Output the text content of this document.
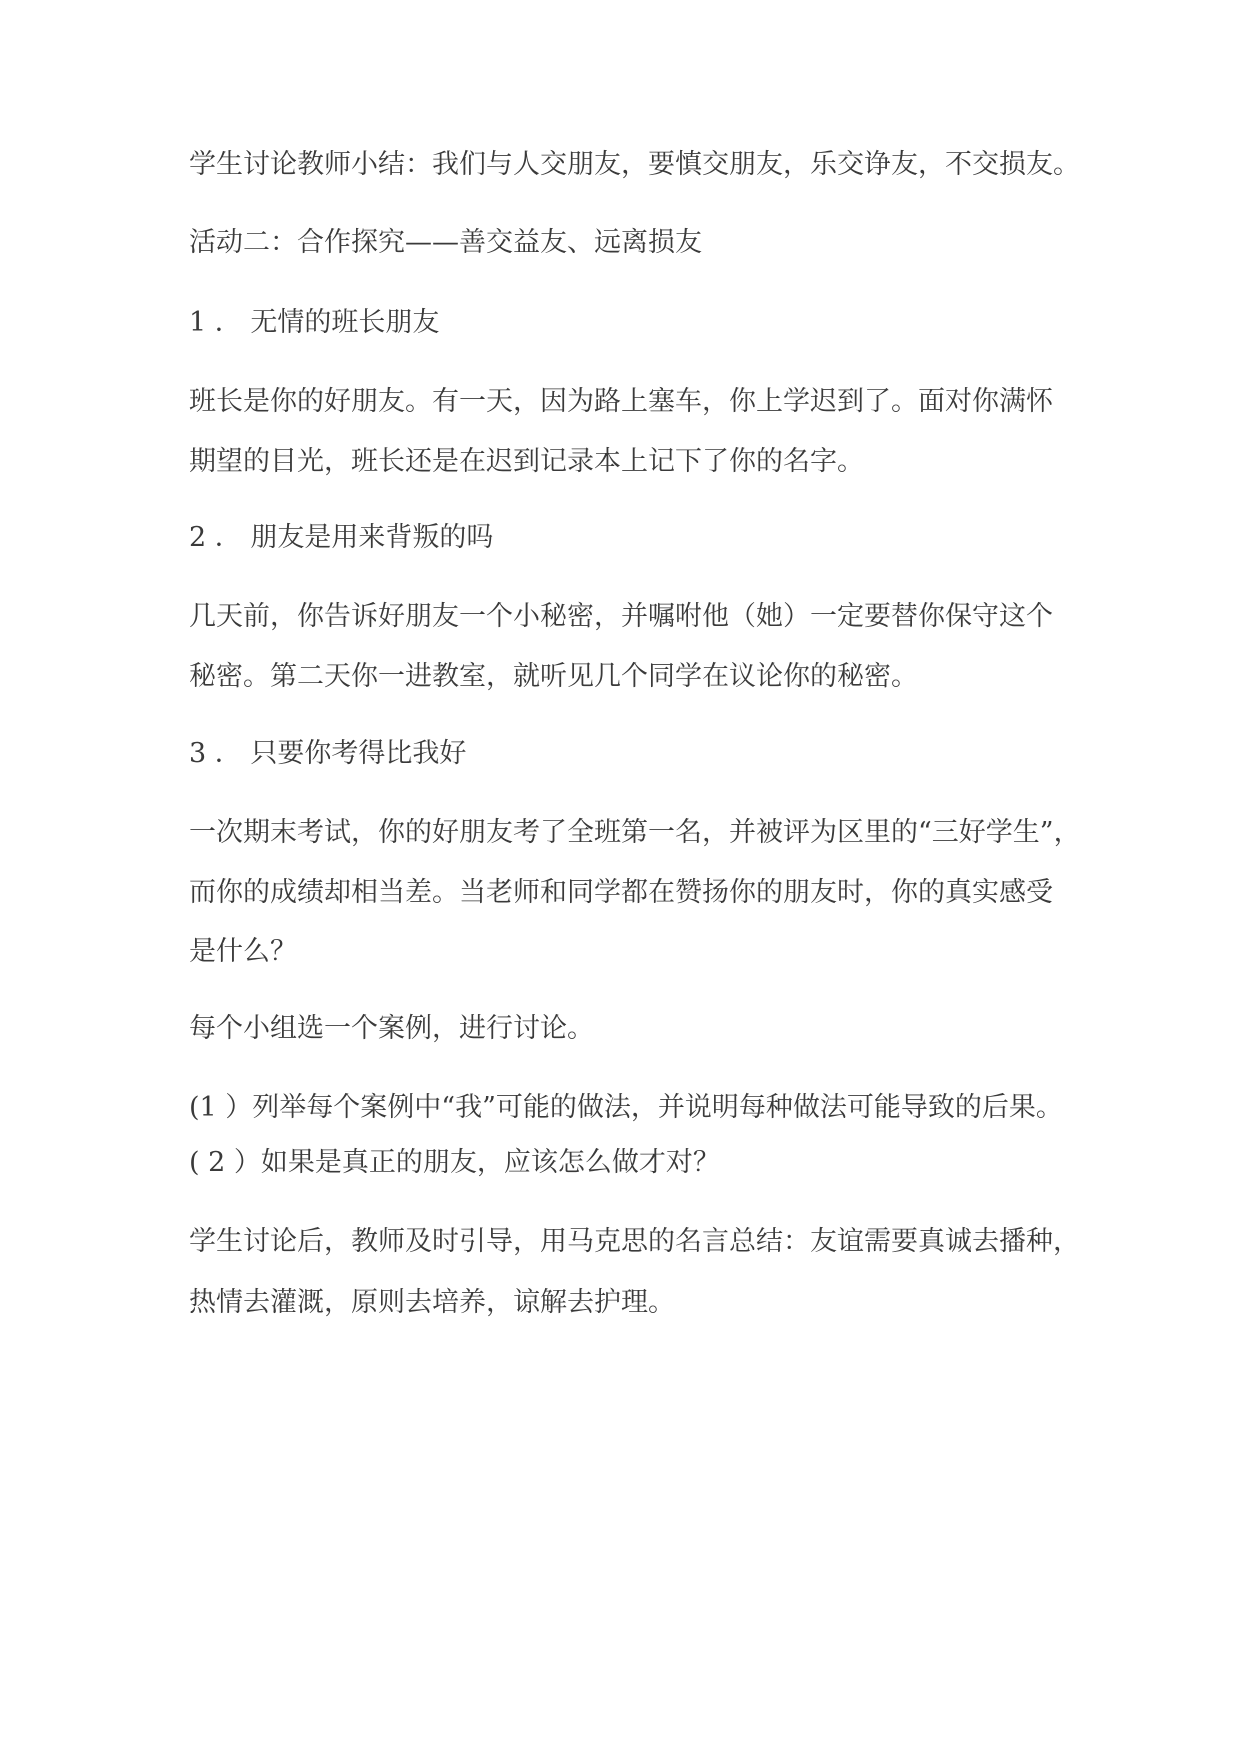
学生讨论教师小结：我们与人交朋友，要慎交朋友，乐交诤友，不交损友。
活动二：合作探究——善交益友、远离损友
1 ． 无情的班长朋友
班长是你的好朋友。有一天，因为路上塞车，你上学迟到了。面对你满怀
期望的目光，班长还是在迟到记录本上记下了你的名字。
2 ． 朋友是用来背叛的吗
几天前，你告诉好朋友一个小秘密，并嘱咐他（她）一定要替你保守这个
秘密。第二天你一进教室，就听见几个同学在议论你的秘密。
3 ． 只要你考得比我好
一次期末考试，你的好朋友考了全班第一名，并被评为区里的“三好学生”，
而你的成绩却相当差。当老师和同学都在赞扬你的朋友时，你的真实感受
是什么？
每个小组选一个案例，进行讨论。
(1 ）列举每个案例中“我”可能的做法，并说明每种做法可能导致的后果。
( 2 ）如果是真正的朋友，应该怎么做才对？
学生讨论后，教师及时引导，用马克思的名言总结：友谊需要真诚去播种，
热情去灌溉，原则去培养，谅解去护理。
